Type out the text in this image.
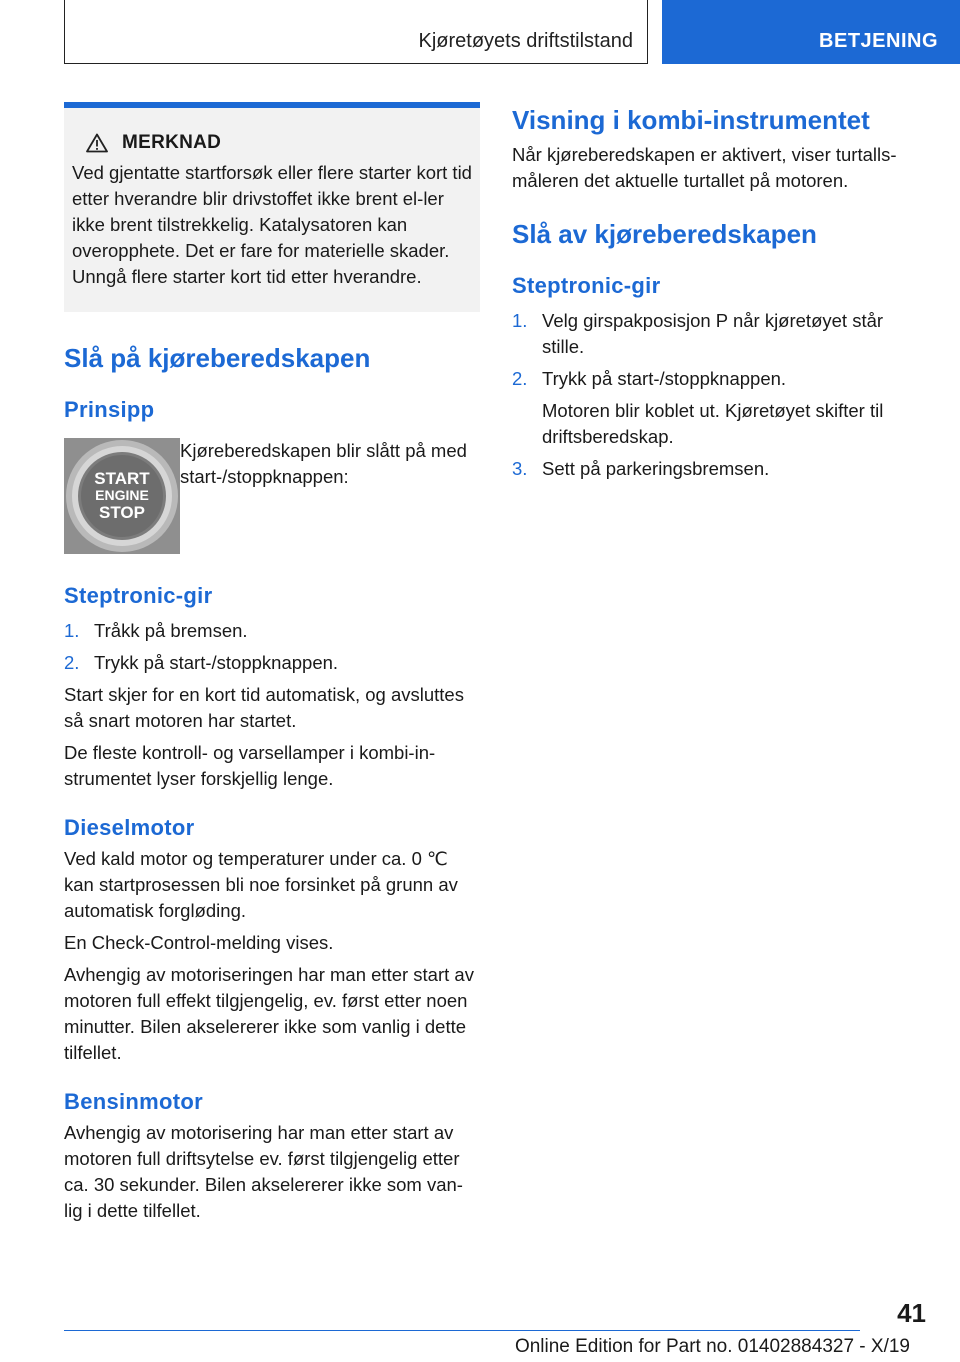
Kjøretøyets driftstilstand	BETJENING
MERKNAD

Ved gjentatte startforsøk eller flere starter kort tid etter hverandre blir drivstoffet ikke brent el-ler ikke brent tilstrekkelig. Katalysatoren kan overopphete. Det er fare for materielle skader. Unngå flere starter kort tid etter hverandre.

Slå på kjøreberedskapen
Prinsipp
START
ENGINE
STOP

Kjøreberedskapen blir slått på med start-/stoppknappen:

Steptronic-gir
1. Tråkk på bremsen.
2. Trykk på start-/stoppknappen.

Start skjer for en kort tid automatisk, og avsluttes så snart motoren har startet.

De fleste kontroll- og varsellamper i kombi-in-strumentet lyser forskjellig lenge.

Dieselmotor

Ved kald motor og temperaturer under ca. 0 ℃ kan startprosessen bli noe forsinket på grunn av automatisk forgløding.

En Check-Control-melding vises.

Avhengig av motoriseringen har man etter start av motoren full effekt tilgjengelig, ev. først etter noen minutter. Bilen akselererer ikke som vanlig i dette tilfellet.

Bensinmotor

Avhengig av motorisering har man etter start av motoren full driftsytelse ev. først tilgjengelig etter ca. 30 sekunder. Bilen akselererer ikke som van-lig i dette tilfellet.

Visning i kombi-instrumentet

Når kjøreberedskapen er aktivert, viser turtalls-måleren det aktuelle turtallet på motoren.

Slå av kjøreberedskapen
Steptronic-gir
1. Velg girspakposisjon P når kjøretøyet står stille.
2. Trykk på start-/stoppknappen.
Motoren blir koblet ut. Kjøretøyet skifter til driftsberedskap.
3. Sett på parkeringsbremsen.
41
Online Edition for Part no. 01402884327 - X/19
